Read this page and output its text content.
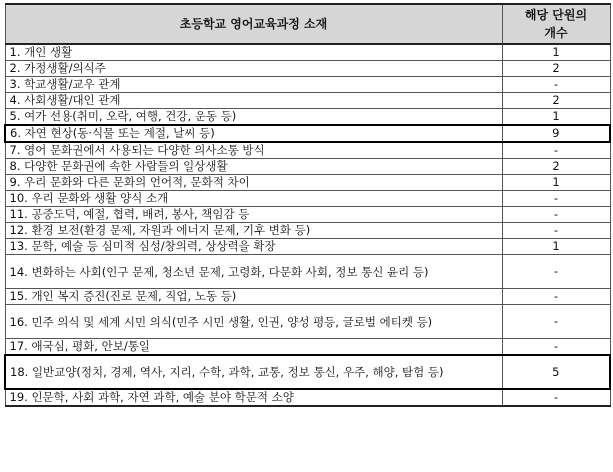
초등학교 영어교육과정 소재	해당 단원의
개수
1. 개인 생활	1
2. 가정생활/의식주	2
3. 학교생활/교우 관계	-
4. 사회생활/대인 관계	2
5. 여가 선용(취미, 오락, 여행, 건강, 운동 등)	1
6. 자연 현상(동·식물 또는 계절, 날씨 등)	9
7. 영어 문화권에서 사용되는 다양한 의사소통 방식	-
8. 다양한 문화권에 속한 사람들의 일상생활	2
9. 우리 문화와 다른 문화의 언어적, 문화적 차이	1
10. 우리 문화와 생활 양식 소개	-
11. 공중도덕, 예절, 협력, 배려, 봉사, 책임감 등	-
12. 환경 보전(환경 문제, 자원과 에너지 문제, 기후 변화 등)	-
13. 문학, 예술 등 심미적 심성/창의력, 상상력을 확장	1
14. 변화하는 사회(인구 문제, 청소년 문제, 고령화, 다문화 사회, 정보 통신 윤리 등)	-
15. 개인 복지 증진(진로 문제, 직업, 노동 등)	-
16. 민주 의식 및 세계 시민 의식(민주 시민 생활, 인권, 양성 평등, 글로벌 에티켓 등)	-
17. 애국심, 평화, 안보/통일	-
18. 일반교양(정치, 경제, 역사, 지리, 수학, 과학, 교통, 정보 통신, 우주, 해양, 탐험 등)	5
19. 인문학, 사회 과학, 자연 과학, 예술 분야 학문적 소양	-
